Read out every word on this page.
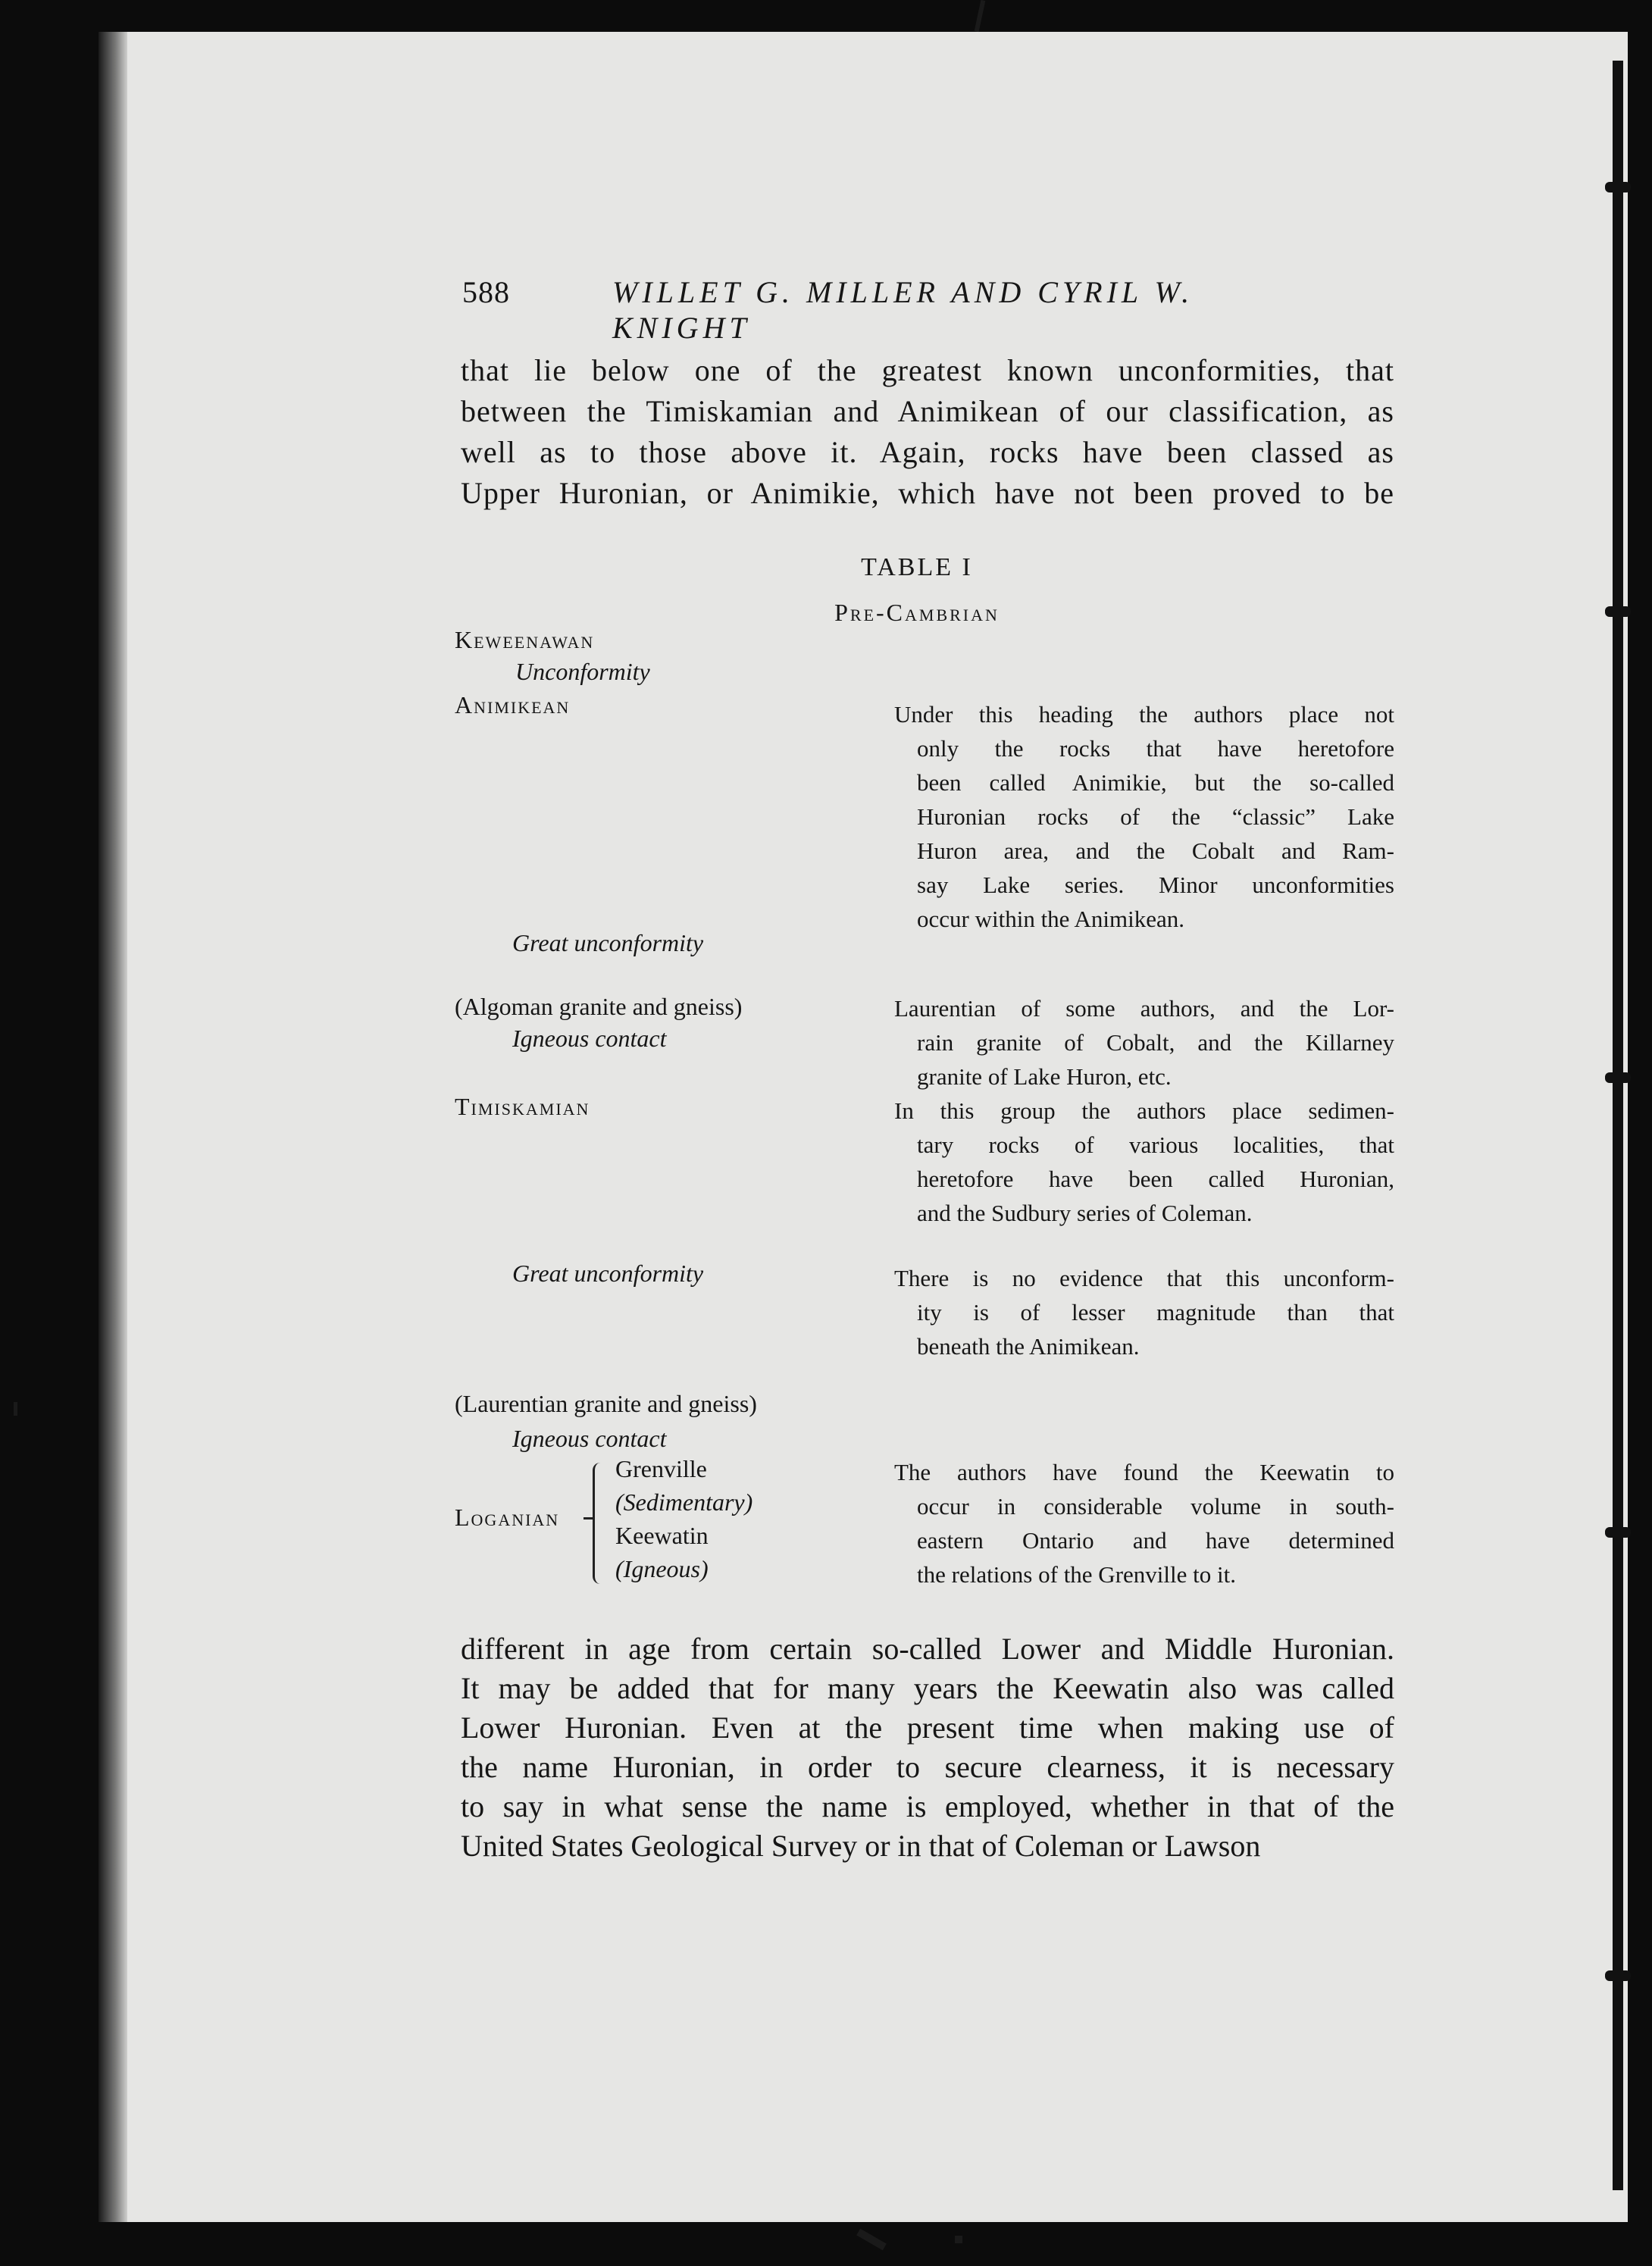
588	WILLET G. MILLER AND CYRIL W. KNIGHT
that lie below one of the greatest known unconformities, that
between the Timiskamian and Animikean of our classification, as
well as to those above it. Again, rocks have been classed as
Upper Huronian, or Animikie, which have not been proved to be
TABLE I
Pre-Cambrian
Keweenawan
Unconformity
Animikean
Great unconformity
(Algoman granite and gneiss)
Igneous contact
Timiskamian
Great unconformity
(Laurentian granite and gneiss)
Igneous contact
Loganian
Grenville
(Sedimentary)
Keewatin
(Igneous)
Under this heading the authors place not
only the rocks that have heretofore
been called Animikie, but the so-called
Huronian rocks of the “classic” Lake
Huron area, and the Cobalt and Ram-
say Lake series. Minor unconformities
occur within the Animikean.
Laurentian of some authors, and the Lor-
rain granite of Cobalt, and the Killarney
granite of Lake Huron, etc.
In this group the authors place sedimen-
tary rocks of various localities, that
heretofore have been called Huronian,
and the Sudbury series of Coleman.
There is no evidence that this unconform-
ity is of lesser magnitude than that
beneath the Animikean.
The authors have found the Keewatin to
occur in considerable volume in south-
eastern Ontario and have determined
the relations of the Grenville to it.
different in age from certain so-called Lower and Middle Huronian.
It may be added that for many years the Keewatin also was called
Lower Huronian. Even at the present time when making use of
the name Huronian, in order to secure clearness, it is necessary
to say in what sense the name is employed, whether in that of the
United States Geological Survey or in that of Coleman or Lawson
